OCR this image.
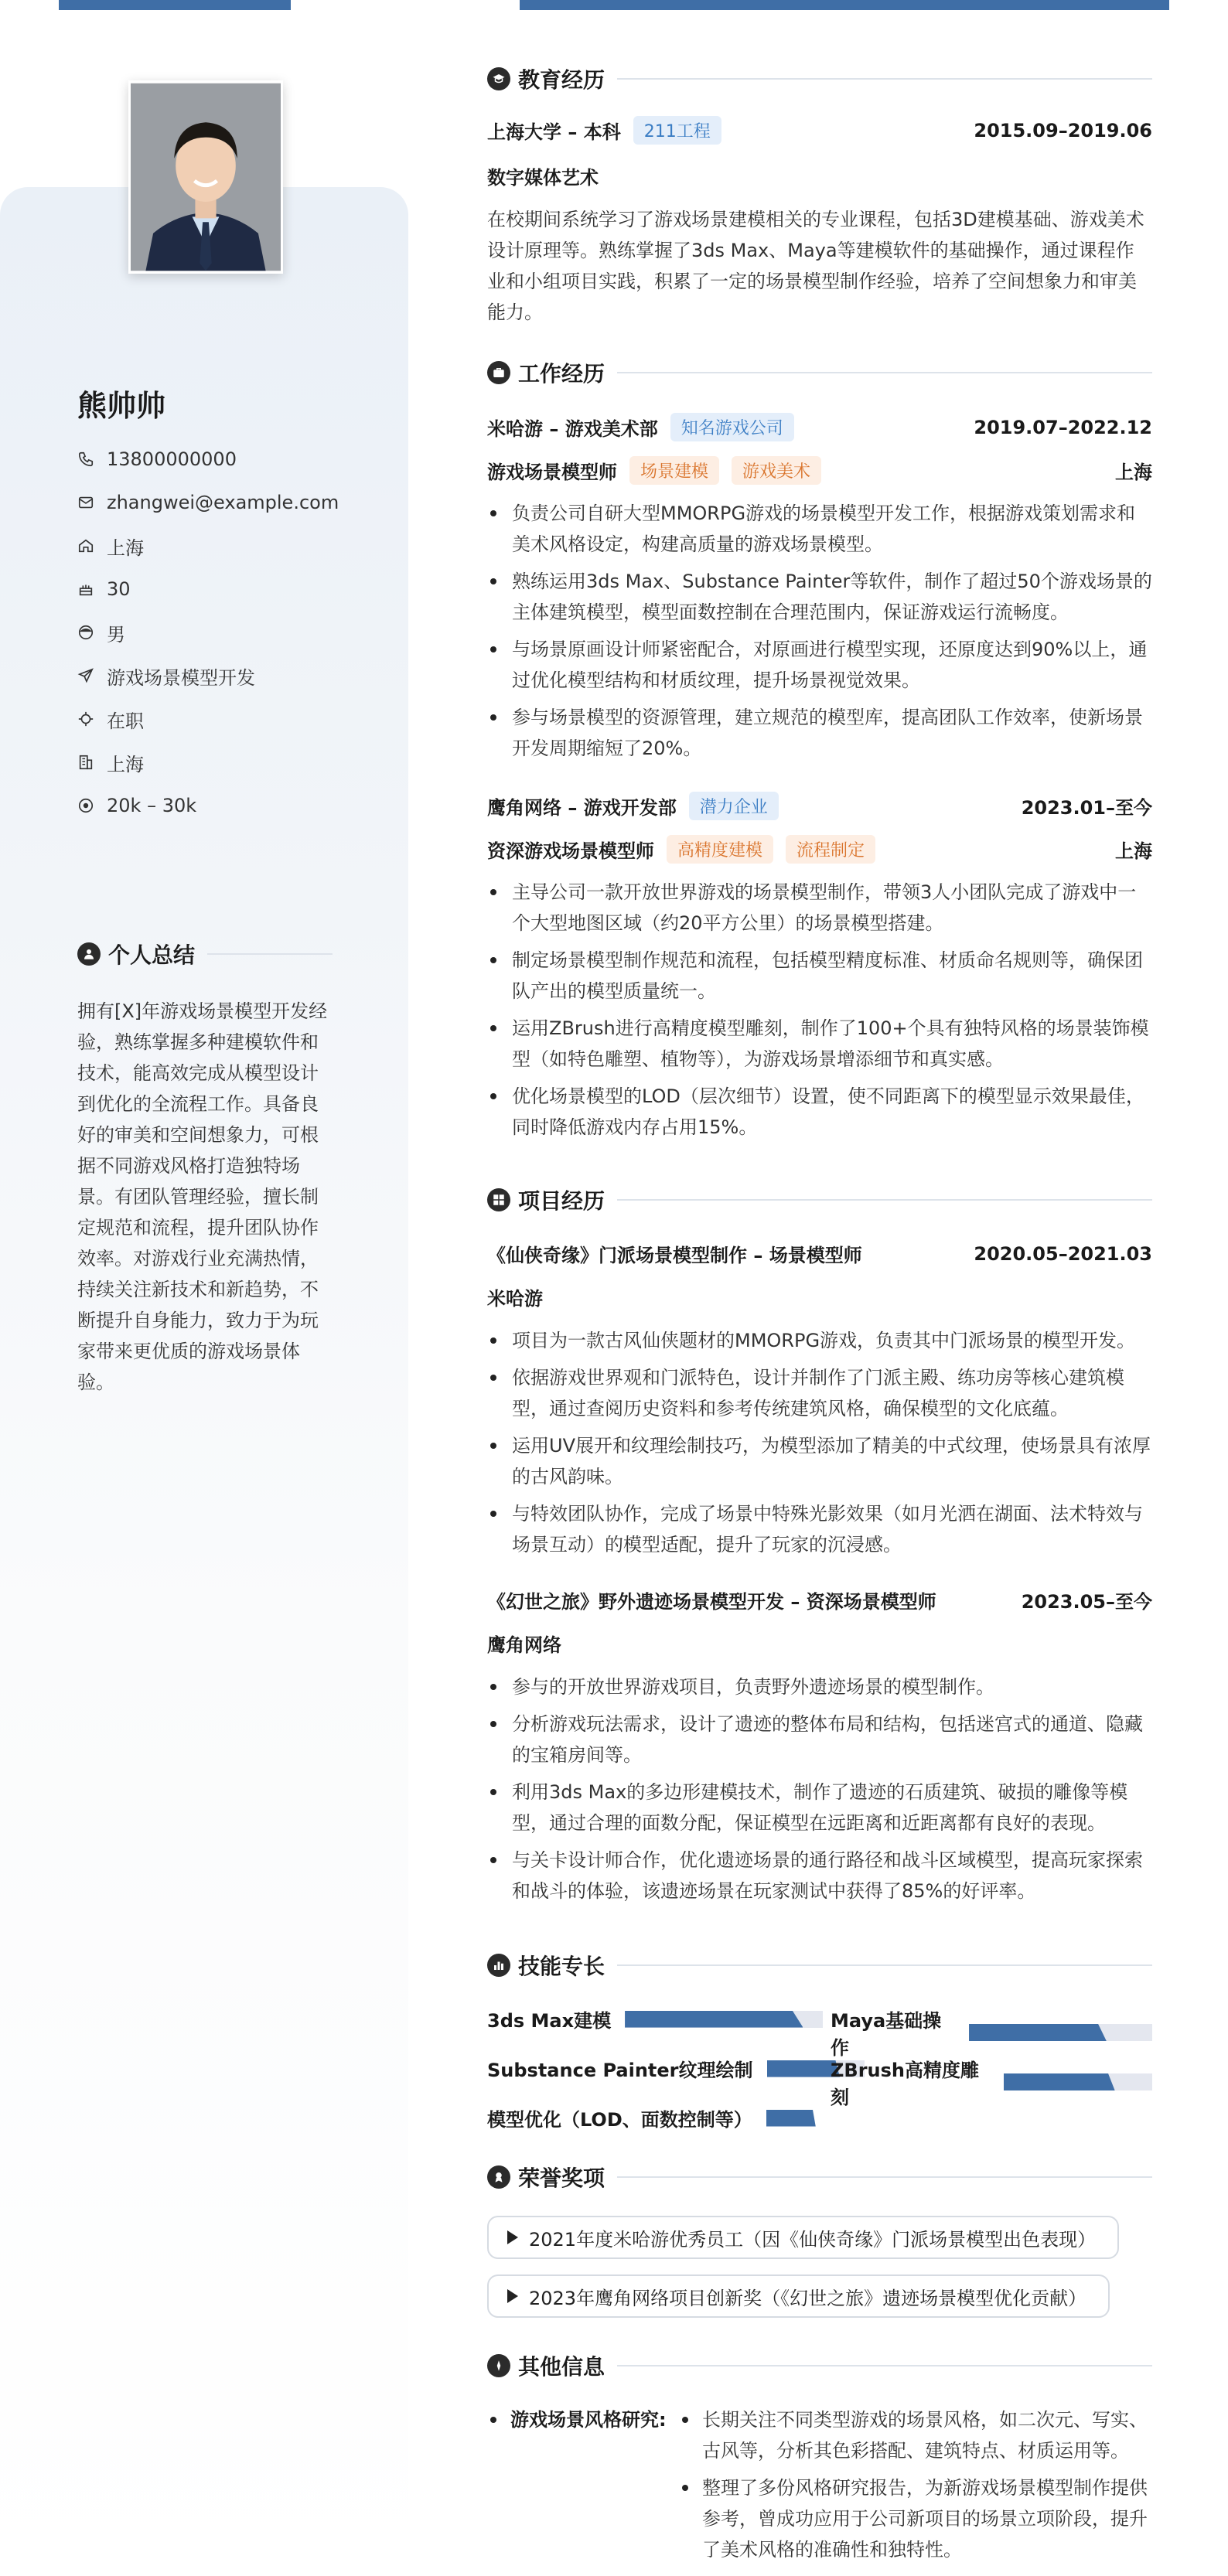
熊帅帅
13800000000
zhangwei@example.com
上海
30
男
游戏场景模型开发
在职
上海
20k – 30k
个人总结
拥有[X]年游戏场景模型开发经验，熟练掌握多种建模软件和技术，能高效完成从模型设计到优化的全流程工作。具备良好的审美和空间想象力，可根据不同游戏风格打造独特场景。有团队管理经验，擅长制定规范和流程，提升团队协作效率。对游戏行业充满热情，持续关注新技术和新趋势，不断提升自身能力，致力于为玩家带来更优质的游戏场景体验。
教育经历
上海大学 – 本科	211工程	2015.09–2019.06
数字媒体艺术
在校期间系统学习了游戏场景建模相关的专业课程，包括3D建模基础、游戏美术设计原理等。熟练掌握了3ds Max、Maya等建模软件的基础操作，通过课程作业和小组项目实践，积累了一定的场景模型制作经验，培养了空间想象力和审美能力。
工作经历
米哈游 – 游戏美术部	知名游戏公司	2019.07–2022.12
游戏场景模型师	场景建模	游戏美术	上海
负责公司自研大型MMORPG游戏的场景模型开发工作，根据游戏策划需求和美术风格设定，构建高质量的游戏场景模型。
熟练运用3ds Max、Substance Painter等软件，制作了超过50个游戏场景的主体建筑模型，模型面数控制在合理范围内，保证游戏运行流畅度。
与场景原画设计师紧密配合，对原画进行模型实现，还原度达到90%以上，通过优化模型结构和材质纹理，提升场景视觉效果。
参与场景模型的资源管理，建立规范的模型库，提高团队工作效率，使新场景开发周期缩短了20%。
鹰角网络 – 游戏开发部	潜力企业	2023.01–至今
资深游戏场景模型师	高精度建模	流程制定	上海
主导公司一款开放世界游戏的场景模型制作，带领3人小团队完成了游戏中一个大型地图区域（约20平方公里）的场景模型搭建。
制定场景模型制作规范和流程，包括模型精度标准、材质命名规则等，确保团队产出的模型质量统一。
运用ZBrush进行高精度模型雕刻，制作了100+个具有独特风格的场景装饰模型（如特色雕塑、植物等），为游戏场景增添细节和真实感。
优化场景模型的LOD（层次细节）设置，使不同距离下的模型显示效果最佳，同时降低游戏内存占用15%。
项目经历
《仙侠奇缘》门派场景模型制作 – 场景模型师	2020.05–2021.03
米哈游
项目为一款古风仙侠题材的MMORPG游戏，负责其中门派场景的模型开发。
依据游戏世界观和门派特色，设计并制作了门派主殿、练功房等核心建筑模型，通过查阅历史资料和参考传统建筑风格，确保模型的文化底蕴。
运用UV展开和纹理绘制技巧，为模型添加了精美的中式纹理，使场景具有浓厚的古风韵味。
与特效团队协作，完成了场景中特殊光影效果（如月光洒在湖面、法术特效与场景互动）的模型适配，提升了玩家的沉浸感。
《幻世之旅》野外遗迹场景模型开发 – 资深场景模型师	2023.05–至今
鹰角网络
参与的开放世界游戏项目，负责野外遗迹场景的模型制作。
分析游戏玩法需求，设计了遗迹的整体布局和结构，包括迷宫式的通道、隐藏的宝箱房间等。
利用3ds Max的多边形建模技术，制作了遗迹的石质建筑、破损的雕像等模型，通过合理的面数分配，保证模型在远距离和近距离都有良好的表现。
与关卡设计师合作，优化遗迹场景的通行路径和战斗区域模型，提高玩家探索和战斗的体验，该遗迹场景在玩家测试中获得了85%的好评率。
技能专长
3ds Max建模	Maya基础操作
Substance Painter纹理绘制	ZBrush高精度雕刻
模型优化（LOD、面数控制等）
荣誉奖项
2021年度米哈游优秀员工（因《仙侠奇缘》门派场景模型出色表现）
2023年鹰角网络项目创新奖（《幻世之旅》遗迹场景模型优化贡献）
其他信息
游戏场景风格研究:	长期关注不同类型游戏的场景风格，如二次元、写实、古风等，分析其色彩搭配、建筑特点、材质运用等。
整理了多份风格研究报告，为新游戏场景模型制作提供参考，曾成功应用于公司新项目的场景立项阶段，提升了美术风格的准确性和独特性。
